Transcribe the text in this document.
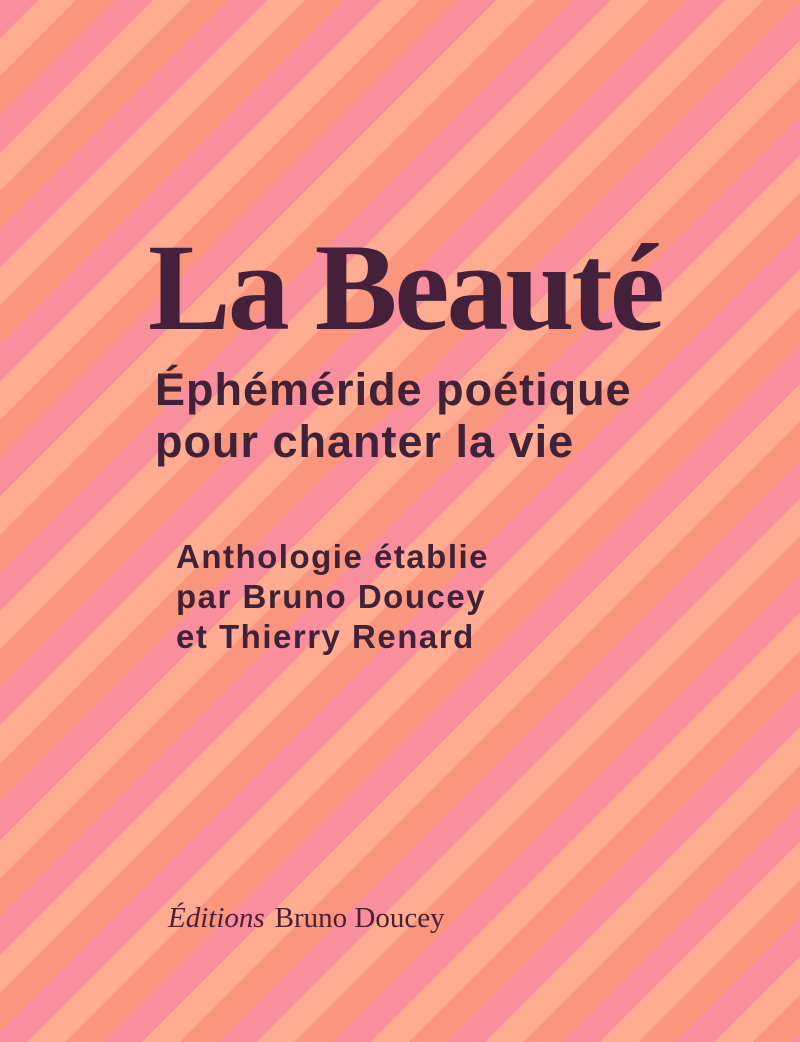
La Beauté
Éphéméride poétique
pour chanter la vie
Anthologie établie
par Bruno Doucey
et Thierry Renard
Éditions Bruno Doucey
